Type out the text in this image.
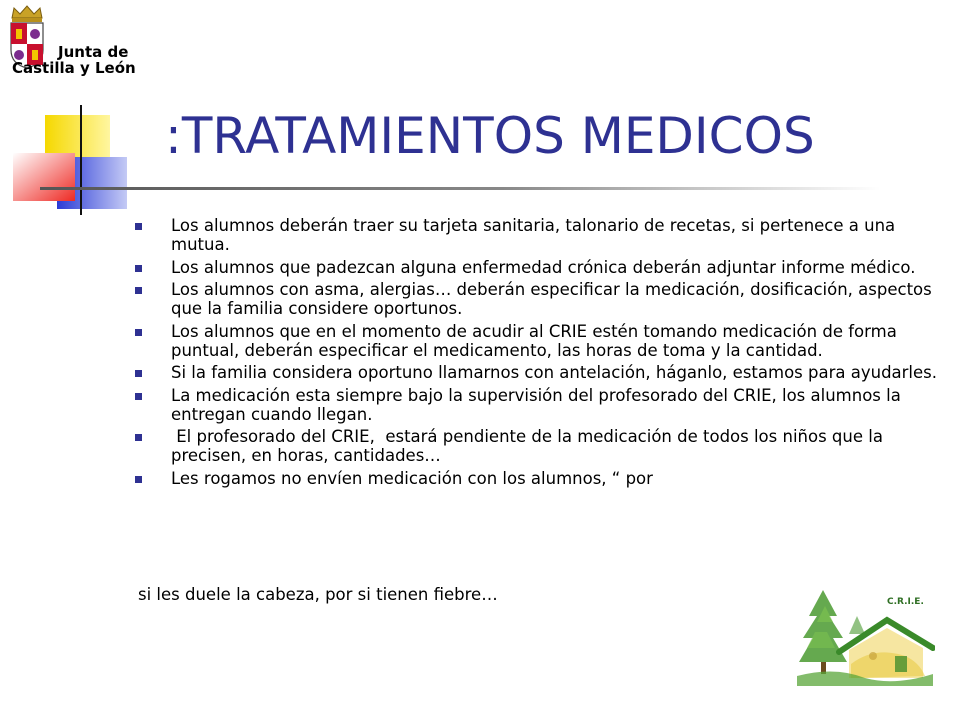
Junta de
Castilla y León
:TRATAMIENTOS MEDICOS
Los alumnos deberán traer su tarjeta sanitaria, talonario de recetas, si pertenece a una mutua.
Los alumnos que padezcan alguna enfermedad crónica deberán adjuntar informe médico.
Los alumnos con asma, alergias… deberán especificar la medicación, dosificación, aspectos que la familia considere oportunos.
Los alumnos que en el momento de acudir al CRIE estén tomando medicación de forma puntual, deberán especificar el medicamento, las horas de toma y la cantidad.
Si la familia considera oportuno llamarnos con antelación, háganlo, estamos para ayudarles.
La medicación esta siempre bajo la supervisión del profesorado del CRIE, los alumnos la entregan cuando llegan.
El profesorado del CRIE,  estará pendiente de la medicación de todos los niños que la precisen, en horas, cantidades…
Les rogamos no envíen medicación con los alumnos, “ por
si les duele la cabeza, por si tienen fiebre…	C.R.I.E.
